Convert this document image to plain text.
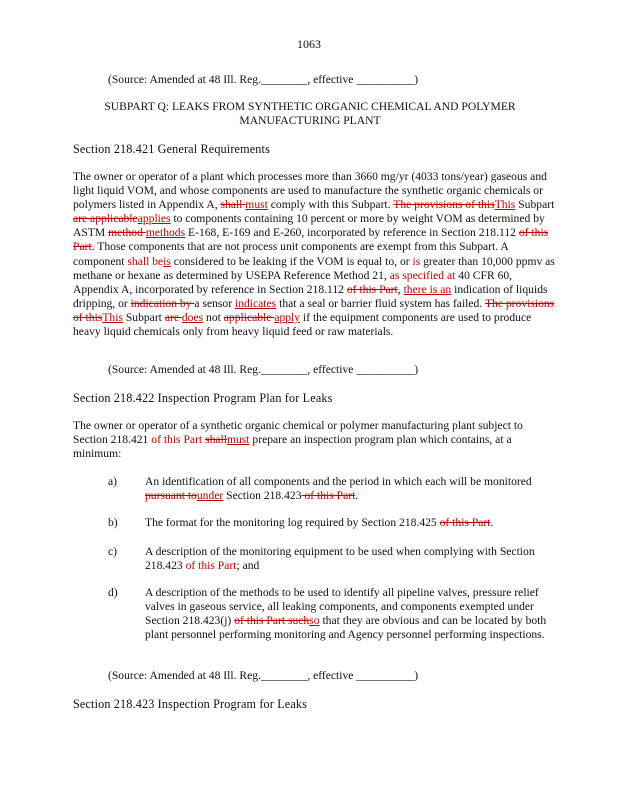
1063
(Source: Amended at 48 Ill. Reg.________, effective __________)
SUBPART Q: LEAKS FROM SYNTHETIC ORGANIC CHEMICAL AND POLYMER MANUFACTURING PLANT
Section 218.421 General Requirements
The owner or operator of a plant which processes more than 3660 mg/yr (4033 tons/year) gaseous and light liquid VOM, and whose components are used to manufacture the synthetic organic chemicals or polymers listed in Appendix A, shall must comply with this Subpart. The provisions of thisThis Subpart are applicableapplies to components containing 10 percent or more by weight VOM as determined by ASTM method methods E-168, E-169 and E-260, incorporated by reference in Section 218.112 of this Part. Those components that are not process unit components are exempt from this Subpart. A component shall beis considered to be leaking if the VOM is equal to, or is greater than 10,000 ppmv as methane or hexane as determined by USEPA Reference Method 21, as specified at 40 CFR 60, Appendix A, incorporated by reference in Section 218.112 of this Part, there is an indication of liquids dripping, or indication by a sensor indicates that a seal or barrier fluid system has failed. The provisions of thisThis Subpart are does not applicable apply if the equipment components are used to produce heavy liquid chemicals only from heavy liquid feed or raw materials.
(Source: Amended at 48 Ill. Reg.________, effective __________)
Section 218.422 Inspection Program Plan for Leaks
The owner or operator of a synthetic organic chemical or polymer manufacturing plant subject to Section 218.421 of this Part shallmust prepare an inspection program plan which contains, at a minimum:
a) An identification of all components and the period in which each will be monitored pursuant tounder Section 218.423 of this Part.
b) The format for the monitoring log required by Section 218.425 of this Part.
c) A description of the monitoring equipment to be used when complying with Section 218.423 of this Part; and
d) A description of the methods to be used to identify all pipeline valves, pressure relief valves in gaseous service, all leaking components, and components exempted under Section 218.423(j) of this Part suchso that they are obvious and can be located by both plant personnel performing monitoring and Agency personnel performing inspections.
(Source: Amended at 48 Ill. Reg.________, effective __________)
Section 218.423 Inspection Program for Leaks
